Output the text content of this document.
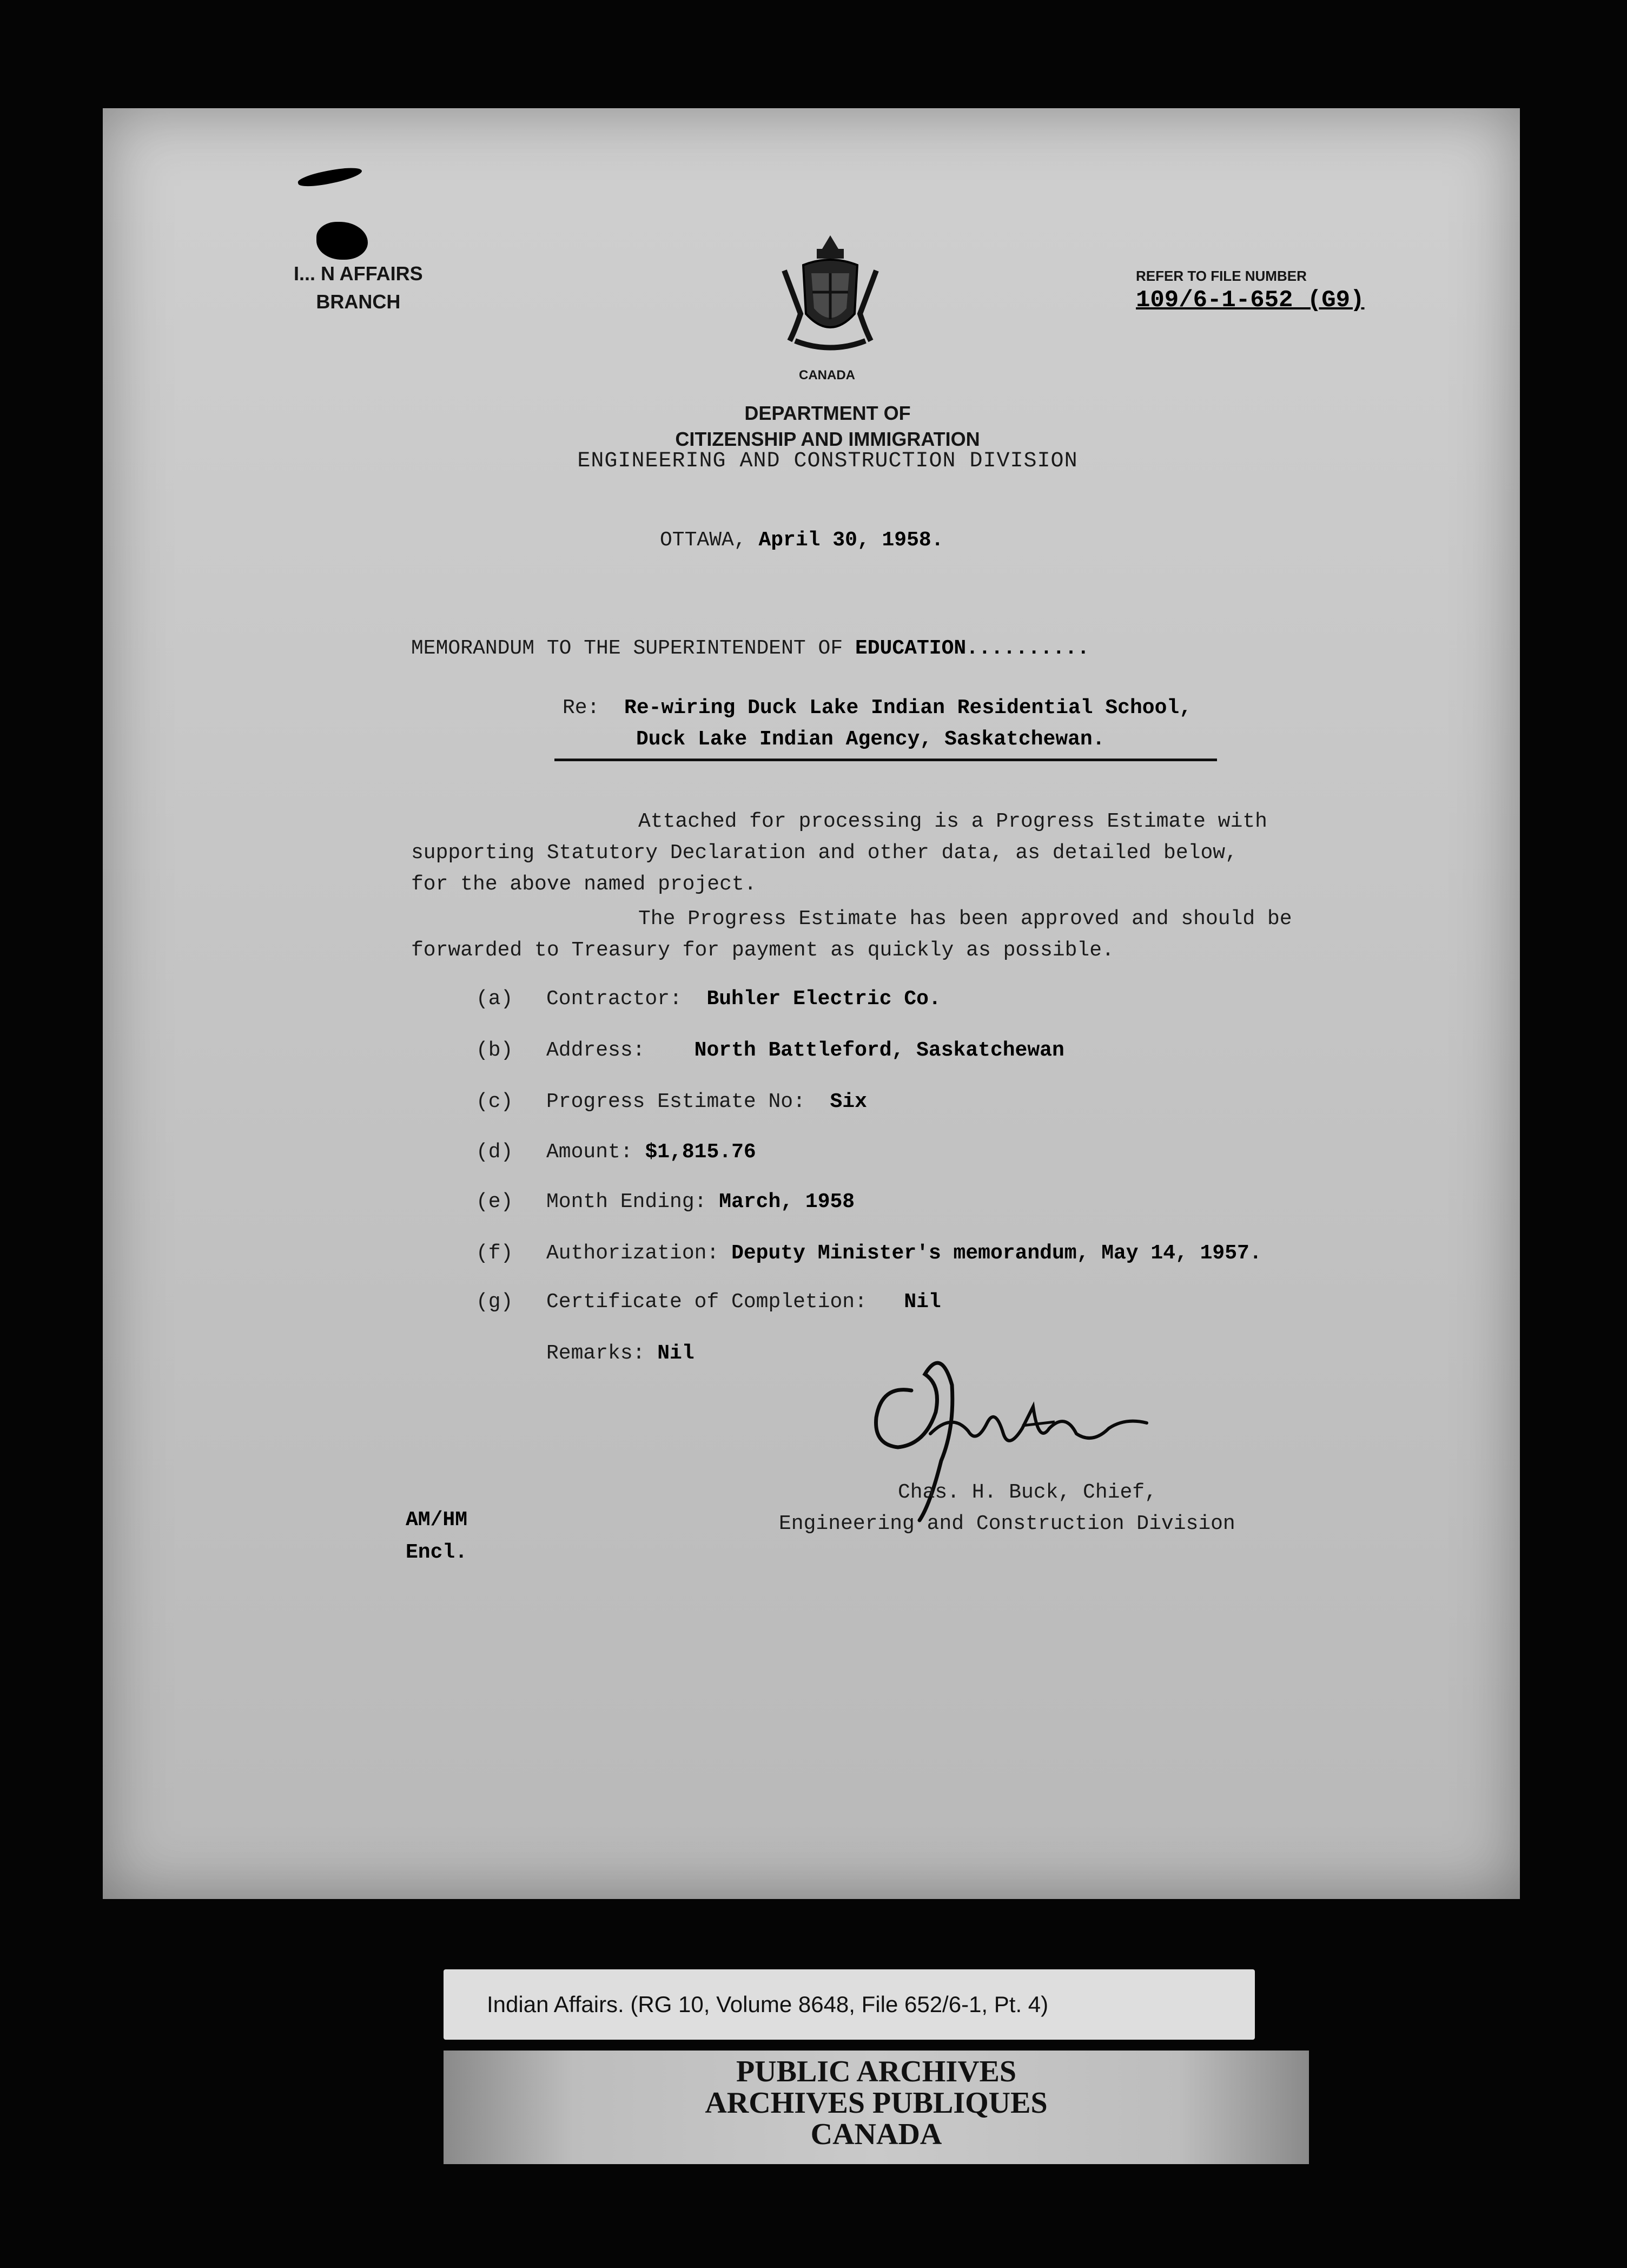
I... N AFFAIRS
BRANCH
CANADA
DEPARTMENT OF
CITIZENSHIP AND IMMIGRATION
ENGINEERING AND CONSTRUCTION DIVISION
REFER TO FILE NUMBER
109/6-1-652 (G9)
OTTAWA, April 30, 1958.
MEMORANDUM TO THE SUPERINTENDENT OF EDUCATION..........
Re: Re-wiring Duck Lake Indian Residential School,
Duck Lake Indian Agency, Saskatchewan.
Attached for processing is a Progress Estimate with
supporting Statutory Declaration and other data, as detailed below,
for the above named project.
The Progress Estimate has been approved and should be
forwarded to Treasury for payment as quickly as possible.
(a) Contractor: Buhler Electric Co.
(b) Address: North Battleford, Saskatchewan
(c) Progress Estimate No: Six
(d) Amount: $1,815.76
(e) Month Ending: March, 1958
(f) Authorization: Deputy Minister's memorandum, May 14, 1957.
(g) Certificate of Completion: Nil
Remarks: Nil
Chas. H. Buck, Chief,
Engineering and Construction Division
AM/HM
Encl.
Indian Affairs. (RG 10, Volume 8648, File 652/6-1, Pt. 4)
PUBLIC ARCHIVES
ARCHIVES PUBLIQUES
CANADA
